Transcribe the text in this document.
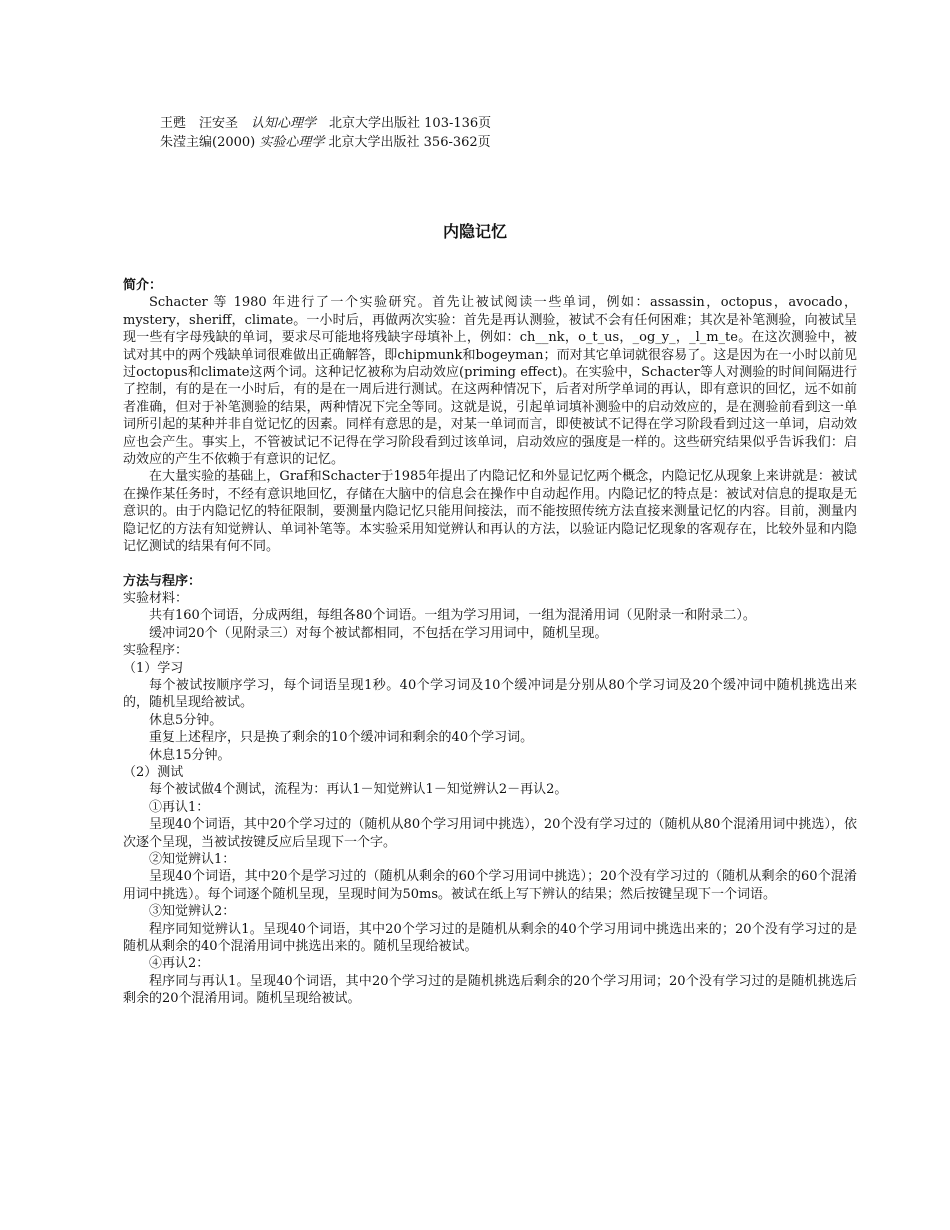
王甦　汪安圣　认知心理学　北京大学出版社 103-136页
朱滢主编(2000) 实验心理学 北京大学出版社 356-362页
内隐记忆

简介：

Schacter 等 1980 年进行了一个实验研究。首先让被试阅读一些单词，例如：assassin，octopus，avocado，mystery，sheriff，climate。一小时后，再做两次实验：首先是再认测验，被试不会有任何困难；其次是补笔测验，向被试呈现一些有字母残缺的单词，要求尽可能地将残缺字母填补上，例如：ch__nk，o_t_us，_og_y_，_l_m_te。在这次测验中，被试对其中的两个残缺单词很难做出正确解答，即chipmunk和bogeyman；而对其它单词就很容易了。这是因为在一小时以前见过octopus和climate这两个词。这种记忆被称为启动效应(priming effect)。在实验中，Schacter等人对测验的时间间隔进行了控制，有的是在一小时后，有的是在一周后进行测试。在这两种情况下，后者对所学单词的再认，即有意识的回忆，远不如前者准确，但对于补笔测验的结果，两种情况下完全等同。这就是说，引起单词填补测验中的启动效应的，是在测验前看到这一单词所引起的某种并非自觉记忆的因素。同样有意思的是，对某一单词而言，即使被试不记得在学习阶段看到过这一单词，启动效应也会产生。事实上，不管被试记不记得在学习阶段看到过该单词，启动效应的强度是一样的。这些研究结果似乎告诉我们：启动效应的产生不依赖于有意识的记忆。

在大量实验的基础上，Graf和Schacter于1985年提出了内隐记忆和外显记忆两个概念，内隐记忆从现象上来讲就是：被试在操作某任务时，不经有意识地回忆，存储在大脑中的信息会在操作中自动起作用。内隐记忆的特点是：被试对信息的提取是无意识的。由于内隐记忆的特征限制，要测量内隐记忆只能用间接法，而不能按照传统方法直接来测量记忆的内容。目前，测量内隐记忆的方法有知觉辨认、单词补笔等。本实验采用知觉辨认和再认的方法，以验证内隐记忆现象的客观存在，比较外显和内隐记忆测试的结果有何不同。

方法与程序：

实验材料：

共有160个词语，分成两组，每组各80个词语。一组为学习用词，一组为混淆用词（见附录一和附录二）。

缓冲词20个（见附录三）对每个被试都相同，不包括在学习用词中，随机呈现。

实验程序：

（1）学习

每个被试按顺序学习，每个词语呈现1秒。40个学习词及10个缓冲词是分别从80个学习词及20个缓冲词中随机挑选出来的，随机呈现给被试。

休息5分钟。

重复上述程序，只是换了剩余的10个缓冲词和剩余的40个学习词。

休息15分钟。

（2）测试

每个被试做4个测试，流程为：再认1－知觉辨认1－知觉辨认2－再认2。

①再认1：

呈现40个词语，其中20个学习过的（随机从80个学习用词中挑选），20个没有学习过的（随机从80个混淆用词中挑选），依次逐个呈现，当被试按键反应后呈现下一个字。

②知觉辨认1：

呈现40个词语，其中20个是学习过的（随机从剩余的60个学习用词中挑选）；20个没有学习过的（随机从剩余的60个混淆用词中挑选）。每个词逐个随机呈现，呈现时间为50ms。被试在纸上写下辨认的结果；然后按键呈现下一个词语。

③知觉辨认2：

程序同知觉辨认1。呈现40个词语，其中20个学习过的是随机从剩余的40个学习用词中挑选出来的；20个没有学习过的是随机从剩余的40个混淆用词中挑选出来的。随机呈现给被试。

④再认2：

程序同与再认1。呈现40个词语，其中20个学习过的是随机挑选后剩余的20个学习用词；20个没有学习过的是随机挑选后剩余的20个混淆用词。随机呈现给被试。
